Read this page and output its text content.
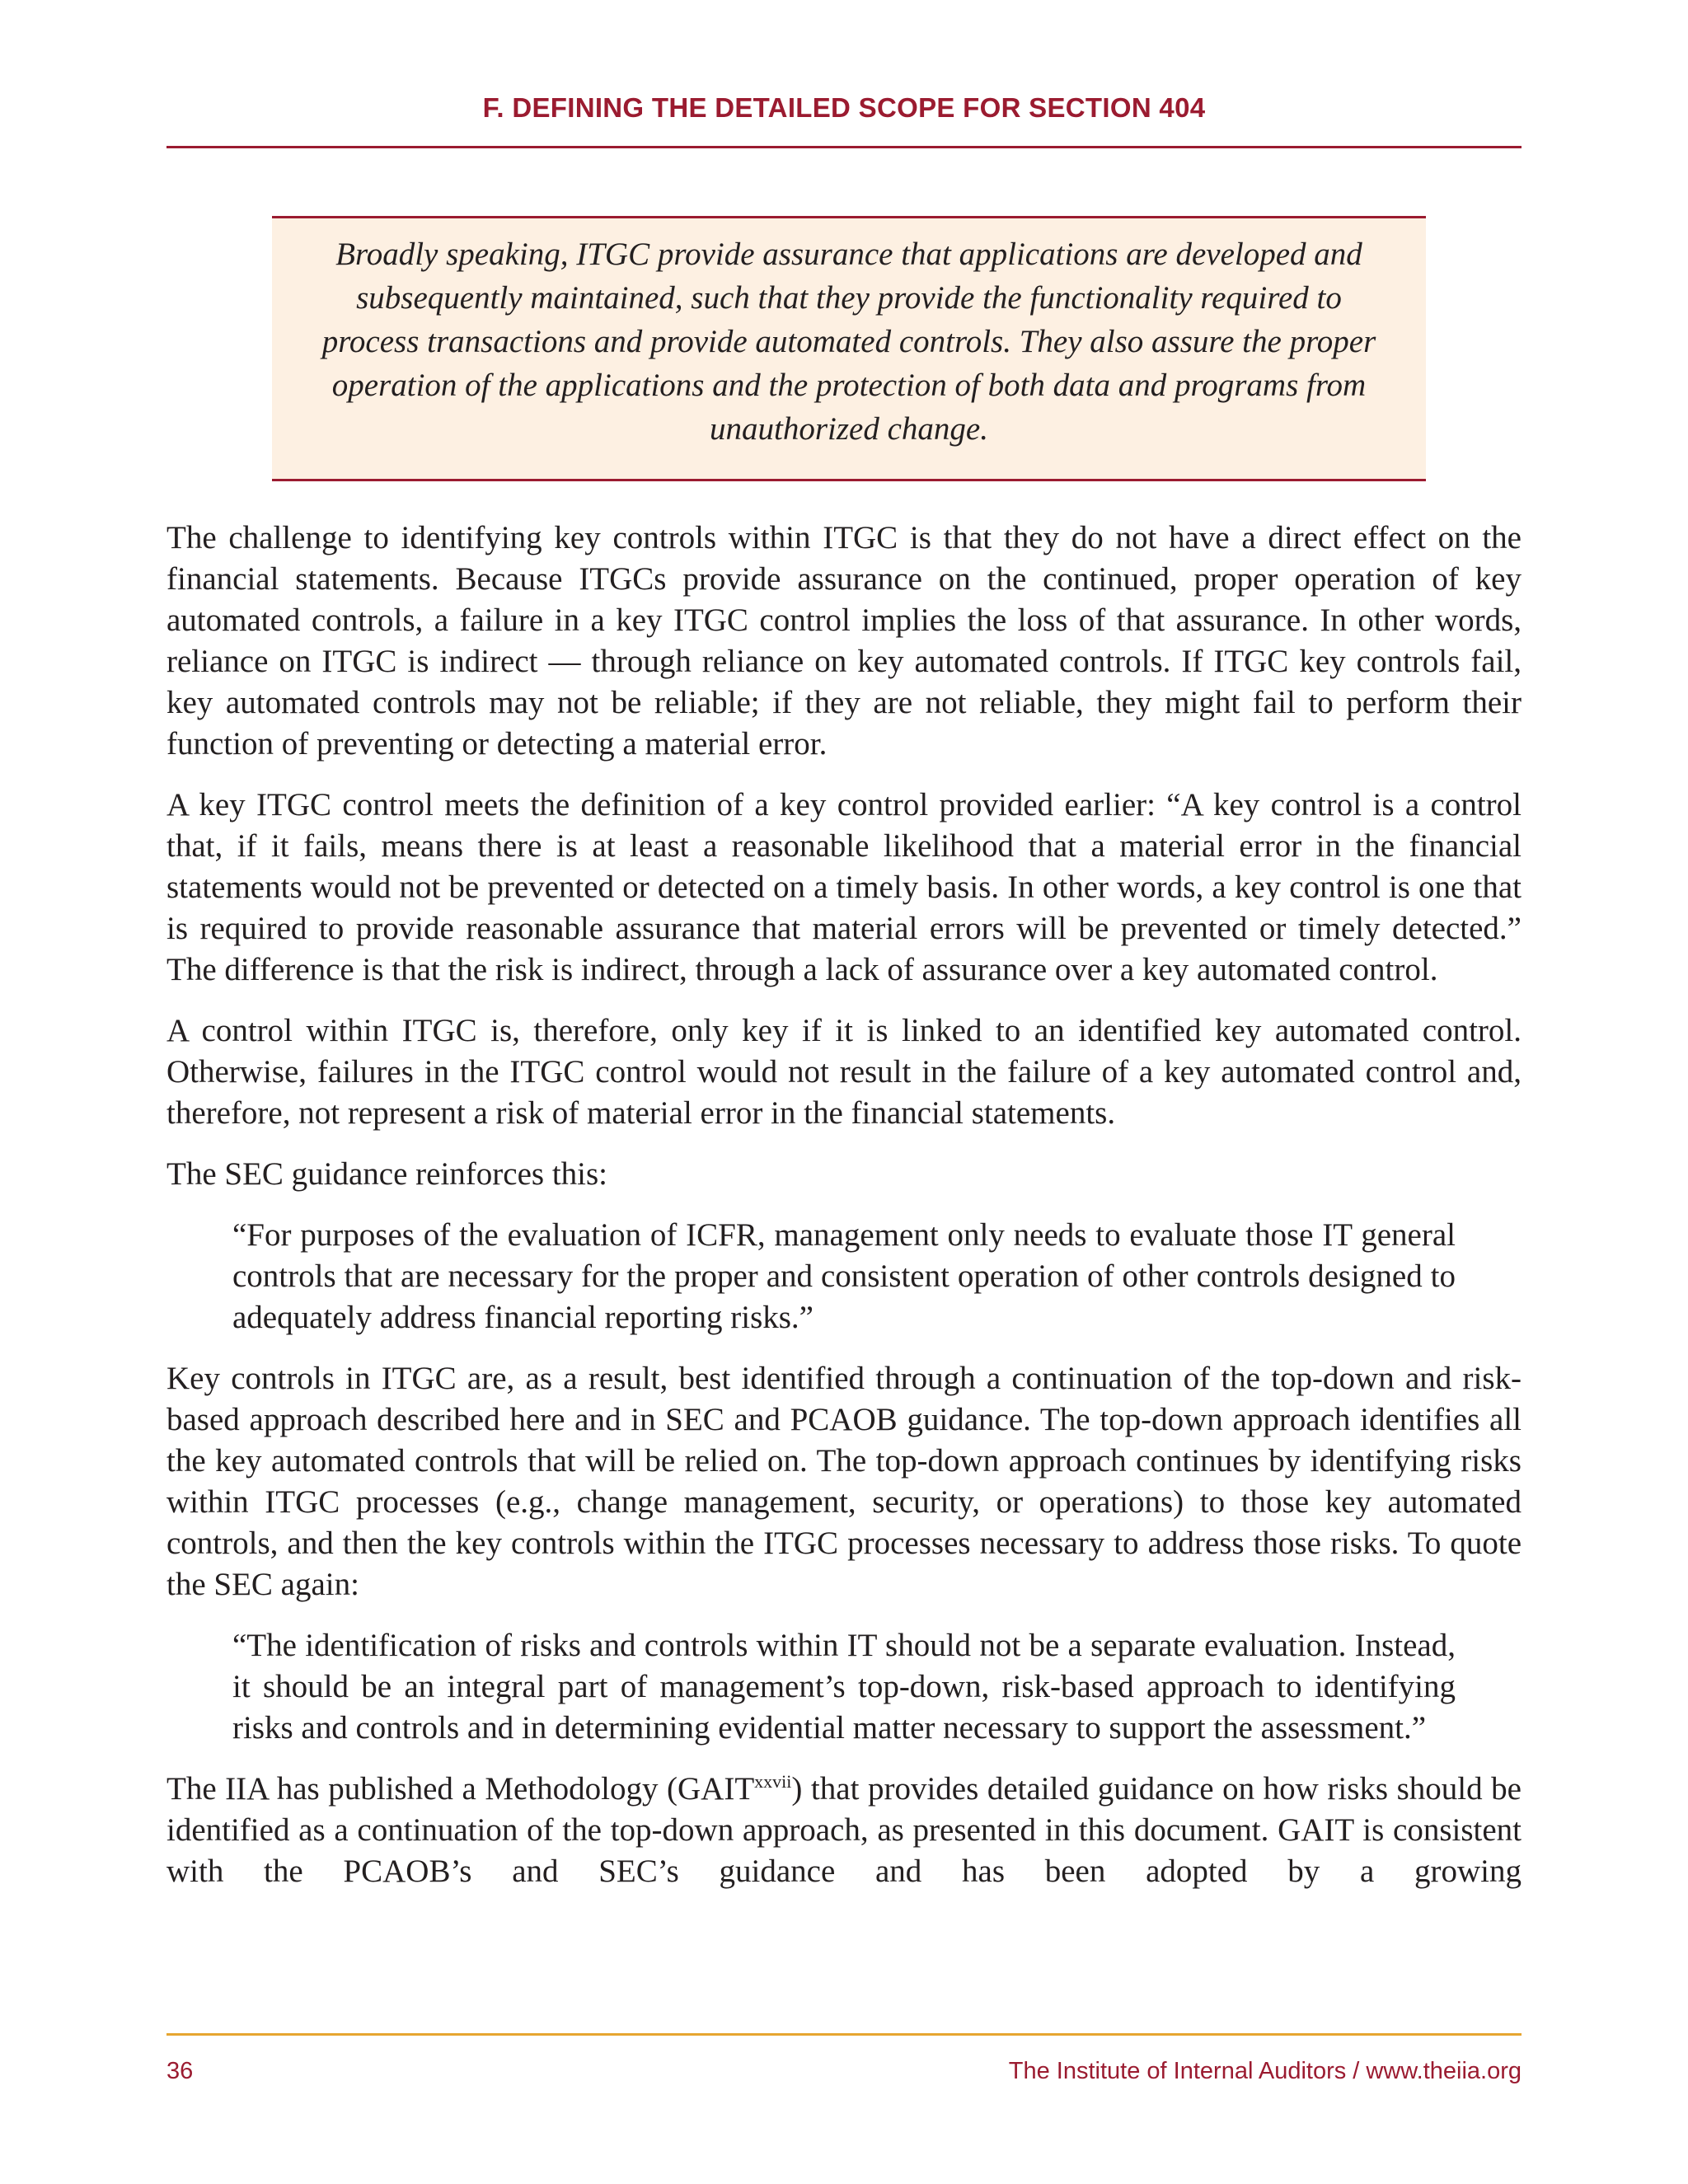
F. DEFINING THE DETAILED SCOPE FOR SECTION 404

Broadly speaking, ITGC provide assurance that applications are developed and subsequently maintained, such that they provide the functionality required to process transactions and provide automated controls. They also assure the proper operation of the applications and the protection of both data and programs from unauthorized change.

The challenge to identifying key controls within ITGC is that they do not have a direct effect on the financial statements. Because ITGCs provide assurance on the continued, proper operation of key automated controls, a failure in a key ITGC control implies the loss of that assurance. In other words, reliance on ITGC is indirect — through reliance on key automated controls. If ITGC key controls fail, key automated controls may not be reliable; if they are not reliable, they might fail to perform their function of preventing or detecting a material error.

A key ITGC control meets the definition of a key control provided earlier: “A key control is a control that, if it fails, means there is at least a reasonable likelihood that a material error in the financial statements would not be prevented or detected on a timely basis. In other words, a key control is one that is required to provide reasonable assurance that material errors will be prevented or timely detected.” The difference is that the risk is indirect, through a lack of assurance over a key automated control.

A control within ITGC is, therefore, only key if it is linked to an identified key automated control. Otherwise, failures in the ITGC control would not result in the failure of a key automated control and, therefore, not represent a risk of material error in the financial statements.

The SEC guidance reinforces this:

“For purposes of the evaluation of ICFR, management only needs to evaluate those IT general controls that are necessary for the proper and consistent operation of other controls designed to adequately address financial reporting risks.”

Key controls in ITGC are, as a result, best identified through a continuation of the top-down and risk-based approach described here and in SEC and PCAOB guidance. The top-down approach identifies all the key automated controls that will be relied on. The top-down approach continues by identifying risks within ITGC processes (e.g., change management, security, or operations) to those key automated controls, and then the key controls within the ITGC processes necessary to address those risks. To quote the SEC again:

“The identification of risks and controls within IT should not be a separate evaluation. Instead, it should be an integral part of management’s top-down, risk-based approach to identifying risks and controls and in determining evidential matter necessary to support the assessment.”

The IIA has published a Methodology $(GAIT^{xxvii})$ that provides detailed guidance on how risks should be identified as a continuation of the top-down approach, as presented in this document. GAIT is consistent with the PCAOB’s and SEC’s guidance and has been adopted by a growing

36	The Institute of Internal Auditors / www.theiia.org
